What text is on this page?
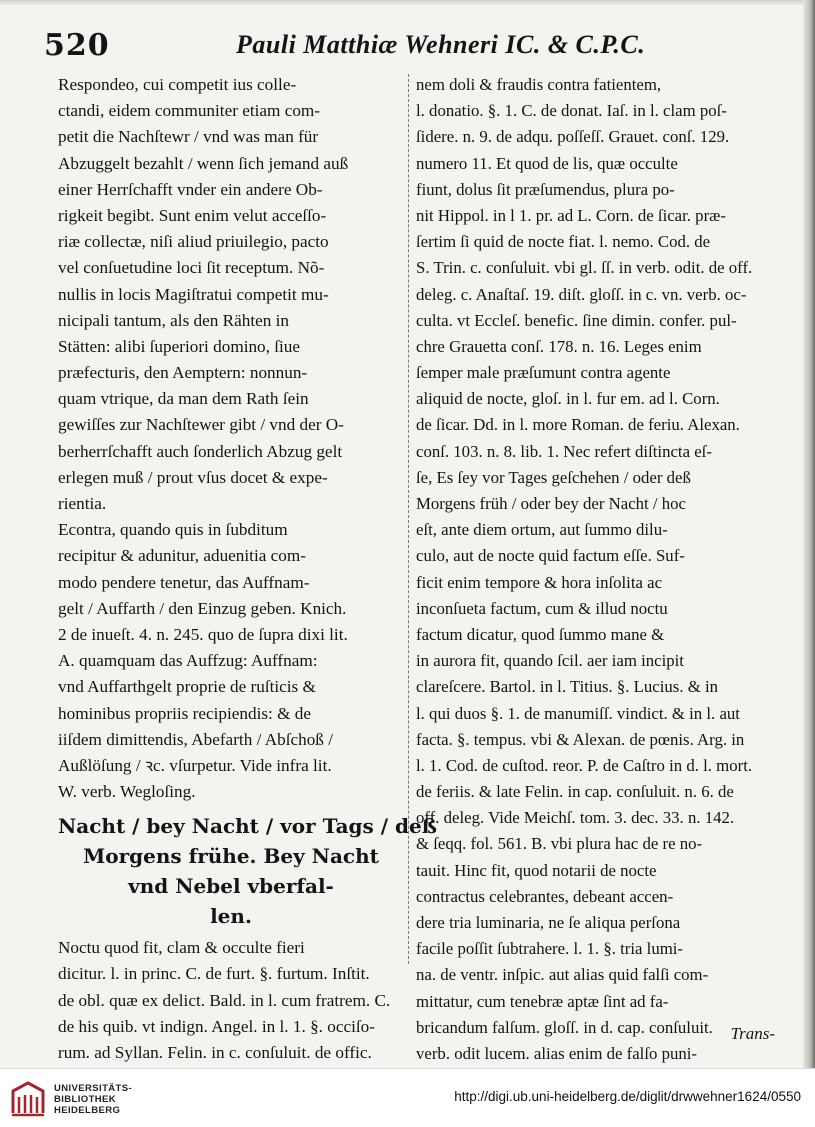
520	Pauli Matthiæ Wehneri IC. & C.P.C.
Respondeo, cui competit ius colle-
ctandi, eidem communiter etiam com-
petit die Nachſtewr / vnd was man für
Abzuggelt bezahlt / wenn ſich jemand auß
einer Herrſchafft vnder ein andere Ob-
rigkeit begibt. Sunt enim velut acceſſo-
riæ collectæ, niſi aliud priuilegio, pacto
vel conſuetudine loci ſit receptum. Nõ-
nullis in locis Magiſtratui competit mu-
nicipali tantum, als den Rähten in
Stätten: alibi ſuperiori domino, ſiue
præfecturis, den Aemptern: nonnun-
quam vtrique, da man dem Rath ſein
gewiſſes zur Nachſtewer gibt / vnd der O-
berherrſchafft auch ſonderlich Abzug gelt
erlegen muß / prout vſus docet & expe-
rientia.
Econtra, quando quis in ſubditum
recipitur & adunitur, aduenitia com-
modo pendere tenetur, das Auffnam-
gelt / Auffarth / den Einzug geben. Knich.
2 de inueſt. 4. n. 245. quo de ſupra dixi lit.
A. quamquam das Auffzug: Auffnam:
vnd Auffarthgelt proprie de ruſticis &
hominibus propriis recipiendis: & de
iiſdem dimittendis, Abefarth / Abſchoß /
Außlöſung / ꝛc. vſurpetur. Vide infra lit.
W. verb. Wegloſing.
Nacht / bey Nacht / vor Tags / deß
Morgens frühe. Bey Nacht
vnd Nebel vberfal-
len.
Noctu quod fit, clam & occulte fieri
dicitur. l. in princ. C. de furt. §. furtum. Inſtit.
de obl. quæ ex delict. Bald. in l. cum fratrem. C.
de his quib. vt indign. Angel. in l. 1. §. occiſo-
rum. ad Syllan. Felin. in c. conſuluit. de offic.
nem doli & fraudis contra fatientem,
l. donatio. §. 1. C. de donat. Iaſ. in l. clam poſ-
ſidere. n. 9. de adqu. poſſeſſ. Grauet. conſ. 129.
numero 11. Et quod de lis, quæ occulte
fiunt, dolus ſit præſumendus, plura po-
nit Hippol. in l 1. pr. ad L. Corn. de ſicar. præ-
ſertim ſi quid de nocte fiat. l. nemo. Cod. de
S. Trin. c. conſuluit. vbi gl. ſſ. in verb. odit. de off.
deleg. c. Anaſtaſ. 19. diſt. gloſſ. in c. vn. verb. oc-
culta. vt Eccleſ. benefic. ſine dimin. confer. pul-
chre Grauetta conſ. 178. n. 16. Leges enim
ſemper male præſumunt contra agente
aliquid de nocte, gloſ. in l. fur em. ad l. Corn.
de ſicar. Dd. in l. more Roman. de feriu. Alexan.
conſ. 103. n. 8. lib. 1. Nec refert diſtincta eſ-
ſe, Es ſey vor Tages geſchehen / oder deß
Morgens früh / oder bey der Nacht / hoc
eſt, ante diem ortum, aut ſummo dilu-
culo, aut de nocte quid factum eſſe. Suf-
ficit enim tempore & hora inſolita ac
inconſueta factum, cum & illud noctu
factum dicatur, quod ſummo mane &
in aurora fit, quando ſcil. aer iam incipit
clareſcere. Bartol. in l. Titius. §. Lucius. & in
l. qui duos §. 1. de manumiſſ. vindict. & in l. aut
facta. §. tempus. vbi & Alexan. de pœnis. Arg. in
l. 1. Cod. de cuſtod. reor. P. de Caſtro in d. l. mort.
de feriis. & late Felin. in cap. conſuluit. n. 6. de
off. deleg. Vide Meichſ. tom. 3. dec. 33. n. 142.
& ſeqq. fol. 561. B. vbi plura hac de re no-
tauit. Hinc fit, quod notarii de nocte
contractus celebrantes, debeant accen-
dere tria luminaria, ne ſe aliqua perſona
facile poſſit ſubtrahere. l. 1. §. tria lumi-
na. de ventr. inſpic. aut alias quid falſi com-
mittatur, cum tenebræ aptæ ſint ad fa-
bricandum falſum. gloſſ. in d. cap. conſuluit.
verb. odit lucem. alias enim de falſo puni-
Trans-
UNIVERSITÄTS-
BIBLIOTHEK
HEIDELBERG
http://digi.ub.uni-heidelberg.de/diglit/drwwehner1624/0550
